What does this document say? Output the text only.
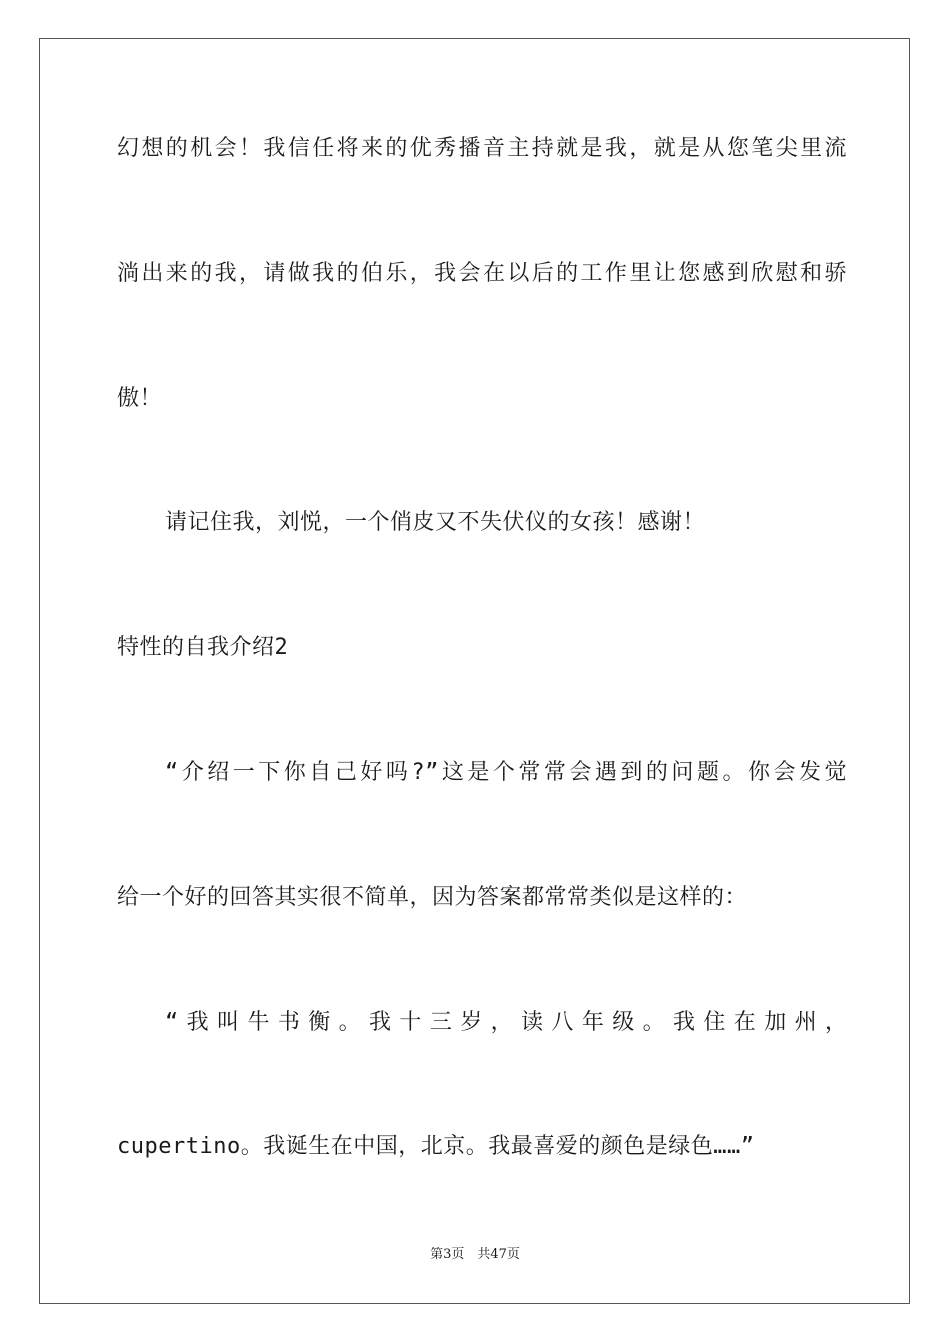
幻想的机会！我信任将来的优秀播音主持就是我，就是从您笔尖里流
淌出来的我，请做我的伯乐，我会在以后的工作里让您感到欣慰和骄
傲！
请记住我，刘悦，一个俏皮又不失伏仪的女孩！感谢！
特性的自我介绍2
“介绍一下你自己好吗?”这是个常常会遇到的问题。你会发觉
给一个好的回答其实很不简单，因为答案都常常类似是这样的：
“我叫牛书衡。我十三岁，读八年级。我住在加州，
cupertino。我诞生在中国，北京。我最喜爱的颜色是绿色……”
第3页　共47页
